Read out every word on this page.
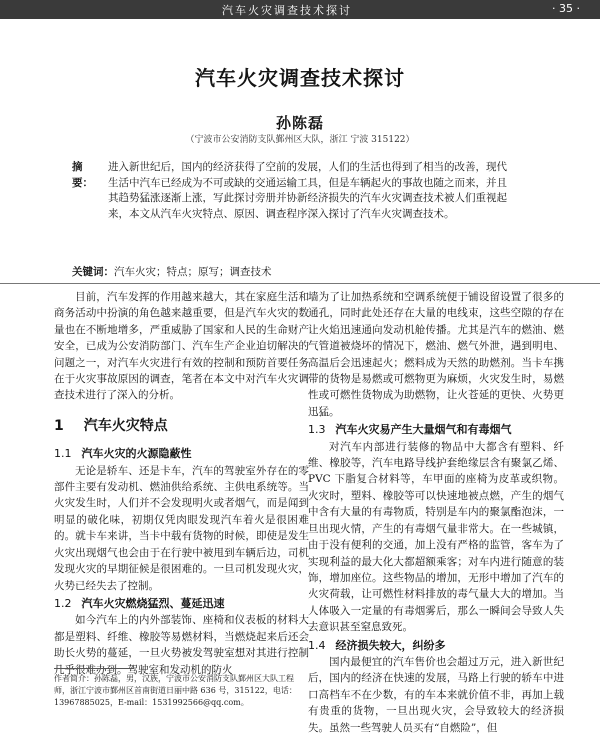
汽车火灾调查技术探讨	· 35 ·
汽车火灾调查技术探讨
孙陈磊
（宁波市公安消防支队鄞州区大队，浙江 宁波 315122）
摘　要：
进入新世纪后，国内的经济获得了空前的发展，人们的生活也得到了相当的改善，现代生活中汽车已经成为不可或缺的交通运输工具，但是车辆起火的事故也随之而来，并且其趋势猛涨逐渐上涨，写此探讨旁册并协新经济损失的汽车火灾调查技术被人们重视起来，本文从汽车火灾特点、原因、调查程序深入探讨了汽车火灾调查技术。
关键词：汽车火灾；特点；原写；调查技术

目前，汽车发挥的作用越来越大，其在家庭生活和商务活动中扮演的角色越来越重要，但是汽车火灾的数量也在不断地增多，严重威胁了国家和人民的生命财产安全，已成为公安消防部门、汽车生产企业迫切解决的问题之一，对汽车火灾进行有效的控制和预防首要任务在于火灾事故原因的调查，笔者在本文中对汽车火灾调查技术进行了深入的分析。

1 汽车火灾特点
1.1 汽车火灾的火源隐蔽性

无论是轿车、还是卡车，汽车的驾驶室外存在的零部件主要有发动机、燃油供给系统、主供电系统等。当火灾发生时，人们并不会发现明火或者烟气，而是闻到明显的破化味，初期仅凭肉眼发现汽车着火是很困难的。就卡车来讲，当卡中载有货物的时候，即使是发生火灾出现烟气也会由于在行驶中被甩到车辆后边，司机发现火灾的早期征候是很困难的。一旦司机发现火灾，火势已经失去了控制。

1.2 汽车火灾燃烧猛烈、蔓延迅速

如今汽车上的内外部装饰、座椅和仪表板的材料大都是塑料、纤维、橡胶等易燃材料，当燃烧起来后还会助长火势的蔓延，一旦火势被发驾驶室想对其进行控制几乎很难办到。驾驶室和发动机的防火

墙为了让加热系统和空调系统便于铺设留设置了很多的通孔，同时此处还存在大量的电线束，这些空隙的存在让火焰迅速通向发动机舱传播。尤其是汽车的燃油、燃气管道被烧坏的情况下，燃油、燃气外泄，遇到明电、高温后会迅速起火；燃料成为天然的助燃剂。当卡车携带的货物是易燃或可燃物更为麻烦，火灾发生时，易燃性或可燃性货物成为助燃物，让火苍延的更快、火势更迅猛。

1.3 汽车火灾易产生大量烟气和有毒烟气

对汽车内部进行装修的物品中大都含有塑料、纤维、橡胶等，汽车电路导线护套绝缘层含有聚氯乙烯、PVC 下脂复合材料等，车甲面的座椅为皮革或织物。火灾时，塑料、橡胶等可以快速地被点燃，产生的烟气中含有大量的有毒物质，特别是车内的聚氯酯泡沫，一旦出现火情，产生的有毒烟气量非常大。在一些城镇，由于没有便利的交通，加上没有严格的监管，客车为了实现利益的最大化大都超额乘客；对车内进行随意的装饰，增加座位。这些物品的增加，无形中增加了汽车的火灾荷载，让可燃性材料排放的毒气量大大的增加。当人体吸入一定量的有毒烟雾后，那么一瞬间会导致人失去意识甚至窒息致死。

1.4 经济损失较大，纠纷多

国内最便宜的汽车售价也会超过万元，进入新世纪后，国内的经济在快速的发展，马路上行驶的轿车中进口高档车不在少数，有的车本来就价值不非，再加上载有贵重的货物，一旦出现火灾，会导致较大的经济损失。虽然一些驾驶人员买有“自燃险”，但

作者简介：孙陈磊，男，汉族，宁波市公安消防支队鄞州区大队工程师，浙江宁波市鄞州区首南街道日丽中路 636 号，315122，电话：13967885025，E-mail：1531992566@qq.com。
